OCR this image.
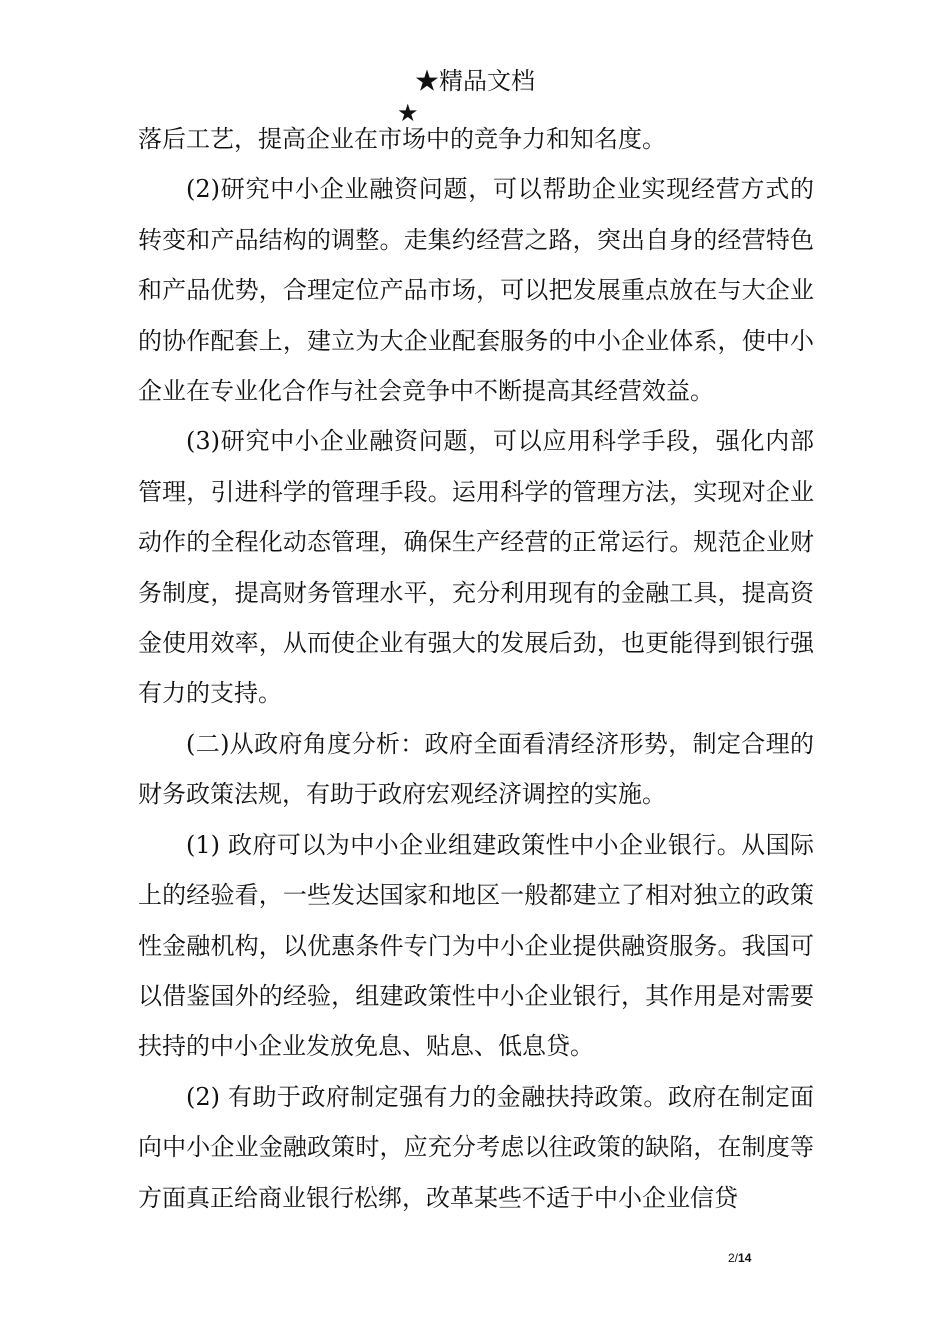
★精品文档
★

落后工艺，提高企业在市场中的竞争力和知名度。

(2)研究中小企业融资问题，可以帮助企业实现经营方式的转变和产品结构的调整。走集约经营之路，突出自身的经营特色和产品优势，合理定位产品市场，可以把发展重点放在与大企业的协作配套上，建立为大企业配套服务的中小企业体系，使中小企业在专业化合作与社会竞争中不断提高其经营效益。

(3)研究中小企业融资问题，可以应用科学手段，强化内部管理，引进科学的管理手段。运用科学的管理方法，实现对企业动作的全程化动态管理，确保生产经营的正常运行。规范企业财务制度，提高财务管理水平，充分利用现有的金融工具，提高资金使用效率，从而使企业有强大的发展后劲，也更能得到银行强有力的支持。

(二)从政府角度分析：政府全面看清经济形势，制定合理的财务政策法规，有助于政府宏观经济调控的实施。

(1) 政府可以为中小企业组建政策性中小企业银行。从国际上的经验看，一些发达国家和地区一般都建立了相对独立的政策性金融机构，以优惠条件专门为中小企业提供融资服务。我国可以借鉴国外的经验，组建政策性中小企业银行，其作用是对需要扶持的中小企业发放免息、贴息、低息贷。

(2) 有助于政府制定强有力的金融扶持政策。政府在制定面向中小企业金融政策时，应充分考虑以往政策的缺陷，在制度等方面真正给商业银行松绑，改革某些不适于中小企业信贷

2/14
